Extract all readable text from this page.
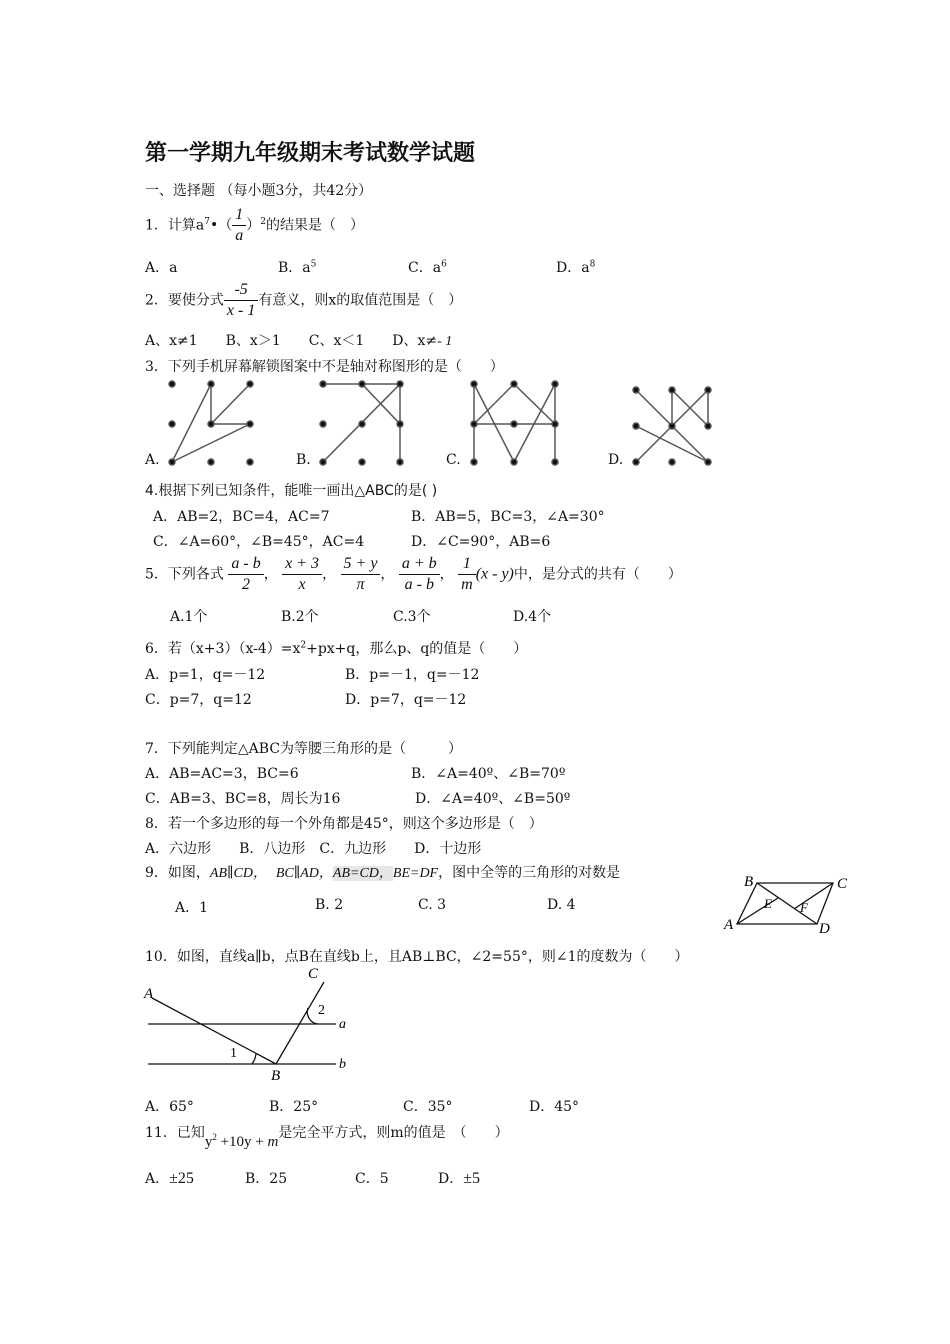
第一学期九年级期末考试数学试题
一、选择题 （每小题3分，共42分）
1．计算$a^7•( \frac{1}{a} )^2$的结果是（　）
A．a	B．$a^5$	C．$a^6$	D．$a^8$
2．要使分式 $\frac{-5}{x - 1}$ 有意义，则x的取值范围是（　）
A、x≠1　　B、x＞1　　C、x＜1　　D、x≠- 1
3．下列手机屏幕解锁图案中不是轴对称图形的是（　　）
A.	B.	C.	D.
4.根据下列已知条件，能唯一画出△ABC的是( )
A．AB=2，BC=4，AC=7	B．AB=5，BC=3，∠A=30°
C．∠A=60°，∠B=45°，AC=4	D．∠C=90°，AB=6
5．下列各式 $\frac{a - b}{2}$ ， $\frac{x + 3}{x}$ ， $\frac{5 + y}{\pi}$ ， $\frac{a + b}{a - b}$ ， $\frac{1}{m} (x - y)$中，是分式的共有（　　）
A.1个	B.2个	C.3个	D.4个
6．若$(x+3)(x-4)=x^2+px+q$，那么p、q的值是（　　）
A．p=1，q=－12	B．p=－1，q=－12
C．p=7，q=12	D．p=7，q=－12
7．下列能判定△ABC为等腰三角形的是（　　　）
A．AB=AC=3，BC=6	B．∠A=40º、∠B=70º
C．AB=3、BC=8，周长为16	D．∠A=40º、∠B=50º
8．若一个多边形的每一个外角都是45°，则这个多边形是（　）
A．六边形　　B．八边形　C．九边形　　D．十边形
9．如图，AB∥CD， BC∥AD，AB=CD，BE=DF，图中全等的三角形的对数是
A．1	B. 2	C. 3	D. 4
B	C
A	D
E F
10．如图，直线a∥b，点B在直线b上，且AB⊥BC，∠2=55°，则∠1的度数为（　　）
A
C
B
a
b
1
2
A．65°	B．25°	C．35°	D．45°
11．已知$y^2 +10y + m$是完全平方式，则m的值是　（　　）
A．±25	B．25	C．5	D．±5
